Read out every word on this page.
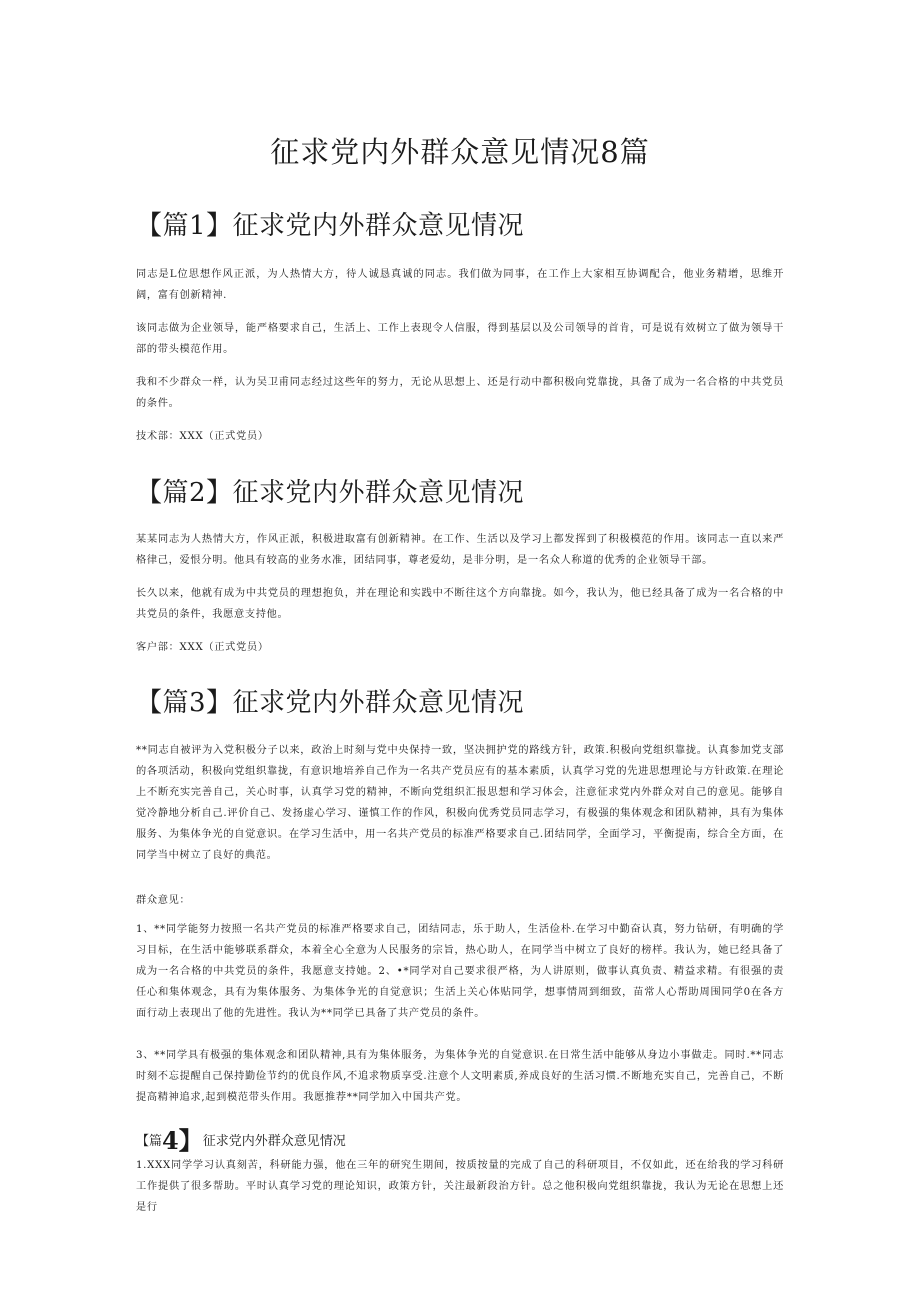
征求党内外群众意见情况8篇
【篇1】征求党内外群众意见情况

同志是L位思想作风正派，为人热情大方，待人诚恳真诚的同志。我们做为同事，在工作上大家相互协调配合，他业务精增，思维开阔，富有创新精神.

该同志做为企业领导，能严格要求自己，生活上、工作上表现令人信服，得到基层以及公司领导的首肯，可是说有效树立了做为领导干部的带头模范作用。

我和不少群众一样，认为吴卫甫同志经过这些年的努力，无论从思想上、还是行动中都积极向党靠拢，具备了成为一名合格的中共党员的条件。

技术部：XXX（正式党员）

【篇2】征求党内外群众意见情况

某某同志为人热情大方，作风正派，积极进取富有创新精神。在工作、生活以及学习上都发挥到了积极模范的作用。该同志一直以来严格律己，爱恨分明。他具有较高的业务水准，团结同事，尊老爱幼，是非分明，是一名众人称道的优秀的企业领导干部。

长久以来，他就有成为中共党员的理想抱负，并在理论和实践中不断往这个方向靠拢。如今，我认为，他已经具备了成为一名合格的中共党员的条件，我愿意支持他。

客户部：XXX（正式党员）

【篇3】征求党内外群众意见情况

**同志自被评为入党积极分子以来，政治上时刻与党中央保持一致，坚决拥护党的路线方针，政策.积极向党组织靠拢。认真参加党支部的各项活动，积极向党组织靠拢，有意识地培养自己作为一名共产党员应有的基本素质，认真学习党的先进思想理论与方针政策.在理论上不断充实完善自己，关心时事，认真学习党的精神，不断向党组织汇报思想和学习体会，注意征求党内外群众对自己的意见。能够自觉冷静地分析自己.评价自己、发扬虚心学习、谨慎工作的作风，积极向优秀党员同志学习，有极强的集体观念和团队精神，具有为集体服务、为集体争光的自觉意识。在学习生活中，用一名共产党员的标准严格要求自己.团结同学，全面学习，平衡提南，综合全方面，在同学当中树立了良好的典范。

群众意见：

1、**同学能努力按照一名共产党员的标准严格要求自己，团结同志，乐于助人，生活俭朴.在学习中勤奋认真，努力钻研，有明确的学习目标，在生活中能够联系群众，本着全心全意为人民服务的宗旨，热心助人，在同学当中树立了良好的榜样。我认为，她已经具备了成为一名合格的中共党员的条件，我愿意支持她。2、•*同学对自己要求很严格，为人讲原则，做事认真负责、精益求精。有很强的责任心和集体观念，具有为集体服务、为集体争光的自觉意识；生活上关心体贴同学，想事情周到细致，苗常人心帮助周围同学0在各方面行动上表现出了他的先进性。我认为**同学已具备了共产党员的条件。

3、**同学具有极强的集体观念和团队精神,具有为集体服务，为集体争光的自觉意识.在日常生活中能够从身边小事做走。同时.**同志时刻不忘提醒自己保持勤俭节约的优良作风,不追求物质享受.注意个人文明素质,养成良好的生活习惯.不断地充实自己，完善自己，不断提高精神追求,起到模范带头作用。我愿推荐**同学加入中国共产党。

【篇4】征求党内外群众意见情况

1.XXX同学学习认真刻苦，科研能力强，他在三年的研究生期间，按质按量的完成了自己的科研项目，不仅如此，还在给我的学习科研工作提供了很多帮助。平时认真学习党的理论知识，政策方针，关注最新段治方针。总之他积极向党组织靠拢，我认为无论在思想上还是行
